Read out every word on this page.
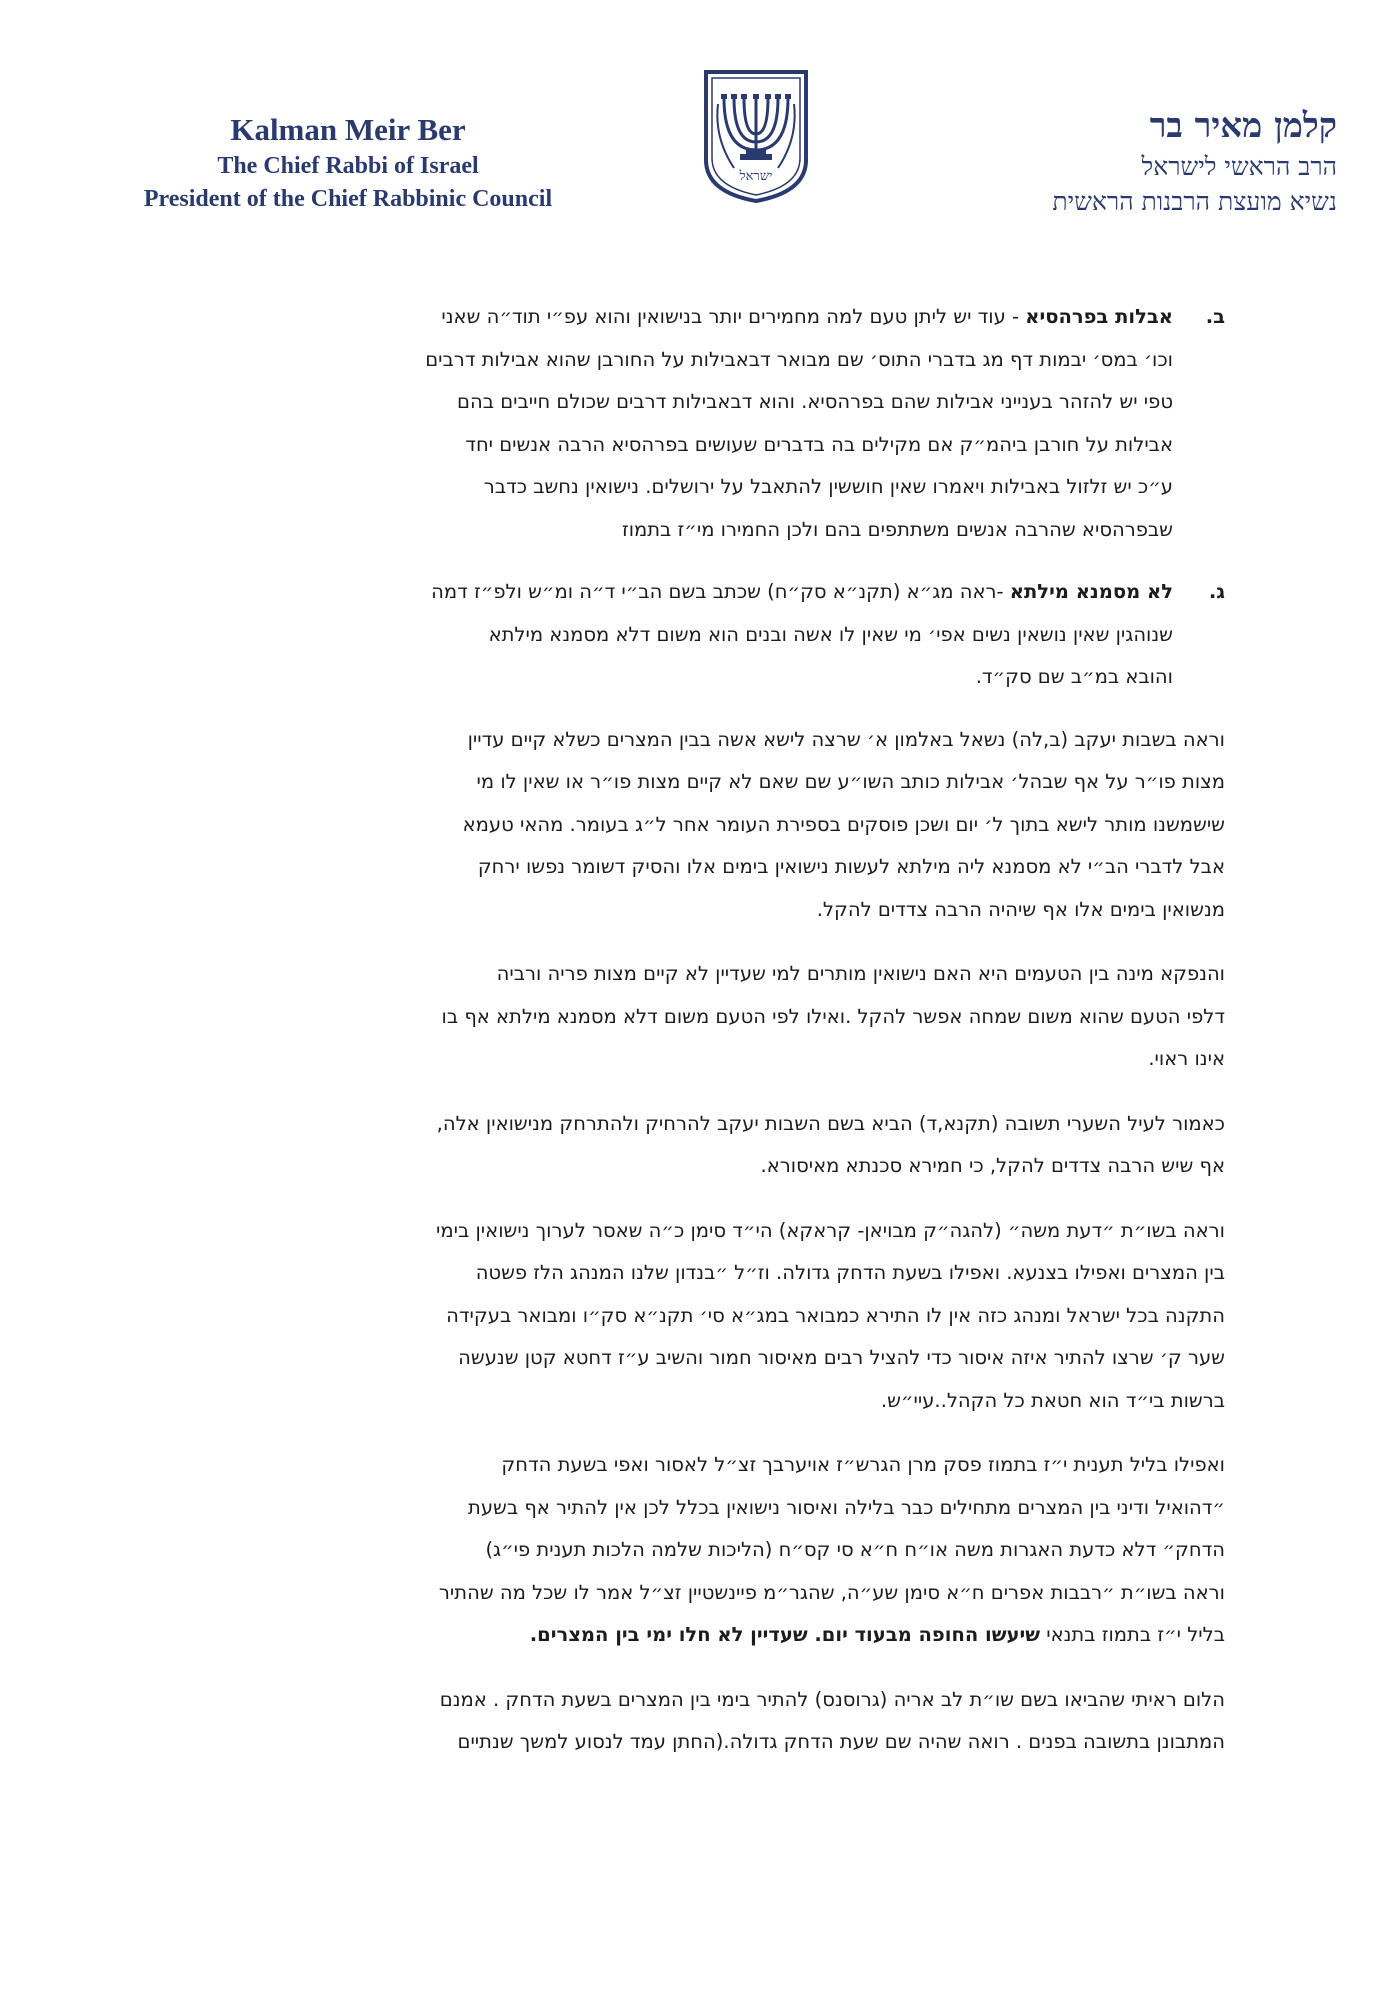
Kalman Meir Ber
The Chief Rabbi of Israel
President of the Chief Rabbinic Council
ישראל
קלמן מאיר בר
הרב הראשי לישראל
נשיא מועצת הרבנות הראשית
ב.
אבלות בפרהסיא - עוד יש ליתן טעם למה מחמירים יותר בנישואין והוא עפ״י תוד״ה שאני
וכו׳ במס׳ יבמות דף מג בדברי התוס׳ שם מבואר דבאבילות על החורבן שהוא אבילות דרבים
טפי יש להזהר בענייני אבילות שהם בפרהסיא. והוא דבאבילות דרבים שכולם חייבים בהם
אבילות על חורבן ביהמ״ק אם מקילים בה בדברים שעושים בפרהסיא הרבה אנשים יחד
ע״כ יש זלזול באבילות ויאמרו שאין חוששין להתאבל על ירושלים. נישואין נחשב כדבר
שבפרהסיא שהרבה אנשים משתתפים בהם ולכן החמירו מי״ז בתמוז
ג.
לא מסמנא מילתא -ראה מג״א (תקנ״א סק״ח) שכתב בשם הב״י ד״ה ומ״ש ולפ״ז דמה
שנוהגין שאין נושאין נשים אפי׳ מי שאין לו אשה ובנים הוא משום דלא מסמנא מילתא
והובא במ״ב שם סק״ד.
וראה בשבות יעקב (ב,לה) נשאל באלמון א׳ שרצה לישא אשה בבין המצרים כשלא קיים עדיין
מצות פו״ר על אף שבהל׳ אבילות כותב השו״ע שם שאם לא קיים מצות פו״ר או שאין לו מי
שישמשנו מותר לישא בתוך ל׳ יום ושכן פוסקים בספירת העומר אחר ל״ג בעומר. מהאי טעמא
אבל לדברי הב״י לא מסמנא ליה מילתא לעשות נישואין בימים אלו והסיק דשומר נפשו ירחק
מנשואין בימים אלו אף שיהיה הרבה צדדים להקל.
והנפקא מינה בין הטעמים היא האם נישואין מותרים למי שעדיין לא קיים מצות פריה ורביה
דלפי הטעם שהוא משום שמחה אפשר להקל .ואילו לפי הטעם משום דלא מסמנא מילתא אף בו
אינו ראוי.
כאמור לעיל השערי תשובה (תקנא,ד) הביא בשם השבות יעקב להרחיק ולהתרחק מנישואין אלה,
אף שיש הרבה צדדים להקל, כי חמירא סכנתא מאיסורא.
וראה בשו״ת ״דעת משה״ (להגה״ק מבויאן- קראקא) הי״ד סימן כ״ה שאסר לערוך נישואין בימי
בין המצרים ואפילו בצנעא. ואפילו בשעת הדחק גדולה. וז״ל ״בנדון שלנו המנהג הלז פשטה
התקנה בכל ישראל ומנהג כזה אין לו התירא כמבואר במג״א סי׳ תקנ״א סק״ו ומבואר בעקידה
שער ק׳ שרצו להתיר איזה איסור כדי להציל רבים מאיסור חמור והשיב ע״ז דחטא קטן שנעשה
ברשות בי״ד הוא חטאת כל הקהל..עיי״ש.
ואפילו בליל תענית י״ז בתמוז פסק מרן הגרש״ז אויערבך זצ״ל לאסור ואפי בשעת הדחק
״דהואיל ודיני בין המצרים מתחילים כבר בלילה ואיסור נישואין בכלל לכן אין להתיר אף בשעת
הדחק״ דלא כדעת האגרות משה או״ח ח״א סי קס״ח (הליכות שלמה הלכות תענית פי״ג)
וראה בשו״ת ״רבבות אפרים ח״א סימן שע״ה, שהגר״מ פיינשטיין זצ״ל אמר לו שכל מה שהתיר
בליל י״ז בתמוז בתנאי שיעשו החופה מבעוד יום. שעדיין לא חלו ימי בין המצרים.
הלום ראיתי שהביאו בשם שו״ת לב אריה (גרוסנס) להתיר בימי בין המצרים בשעת הדחק . אמנם
המתבונן בתשובה בפנים . רואה שהיה שם שעת הדחק גדולה.(החתן עמד לנסוע למשך שנתיים
